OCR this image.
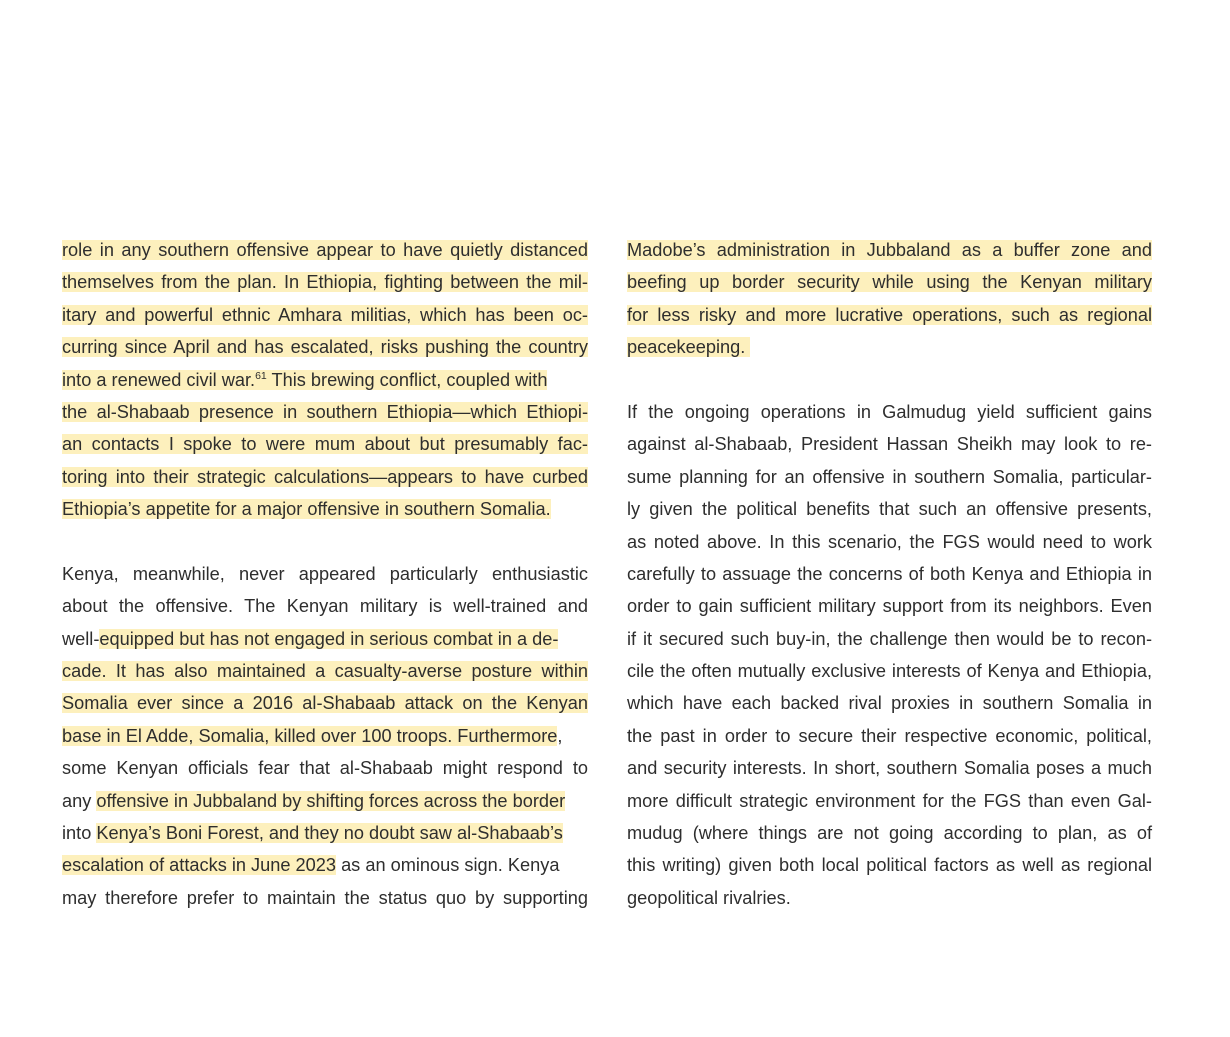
role in any southern offensive appear to have quietly distanced
themselves from the plan. In Ethiopia, fighting between the mil-
itary and powerful ethnic Amhara militias, which has been oc-
curring since April and has escalated, risks pushing the country
into a renewed civil war.$^{61}$ This brewing conflict, coupled with
the al-Shabaab presence in southern Ethiopia—which Ethiopi-
an contacts I spoke to were mum about but presumably fac-
toring into their strategic calculations—appears to have curbed
Ethiopia’s appetite for a major offensive in southern Somalia.
Kenya, meanwhile, never appeared particularly enthusiastic
about the offensive. The Kenyan military is well-trained and
well-equipped but has not engaged in serious combat in a de-
cade. It has also maintained a casualty-averse posture within
Somalia ever since a 2016 al-Shabaab attack on the Kenyan
base in El Adde, Somalia, killed over 100 troops. Furthermore,
some Kenyan officials fear that al-Shabaab might respond to
any offensive in Jubbaland by shifting forces across the border
into Kenya’s Boni Forest, and they no doubt saw al-Shabaab’s
escalation of attacks in June 2023 as an ominous sign. Kenya
may therefore prefer to maintain the status quo by supporting
Madobe’s administration in Jubbaland as a buffer zone and
beefing up border security while using the Kenyan military
for less risky and more lucrative operations, such as regional
peacekeeping.
If the ongoing operations in Galmudug yield sufficient gains
against al-Shabaab, President Hassan Sheikh may look to re-
sume planning for an offensive in southern Somalia, particular-
ly given the political benefits that such an offensive presents,
as noted above. In this scenario, the FGS would need to work
carefully to assuage the concerns of both Kenya and Ethiopia in
order to gain sufficient military support from its neighbors. Even
if it secured such buy-in, the challenge then would be to recon-
cile the often mutually exclusive interests of Kenya and Ethiopia,
which have each backed rival proxies in southern Somalia in
the past in order to secure their respective economic, political,
and security interests. In short, southern Somalia poses a much
more difficult strategic environment for the FGS than even Gal-
mudug (where things are not going according to plan, as of
this writing) given both local political factors as well as regional
geopolitical rivalries.
